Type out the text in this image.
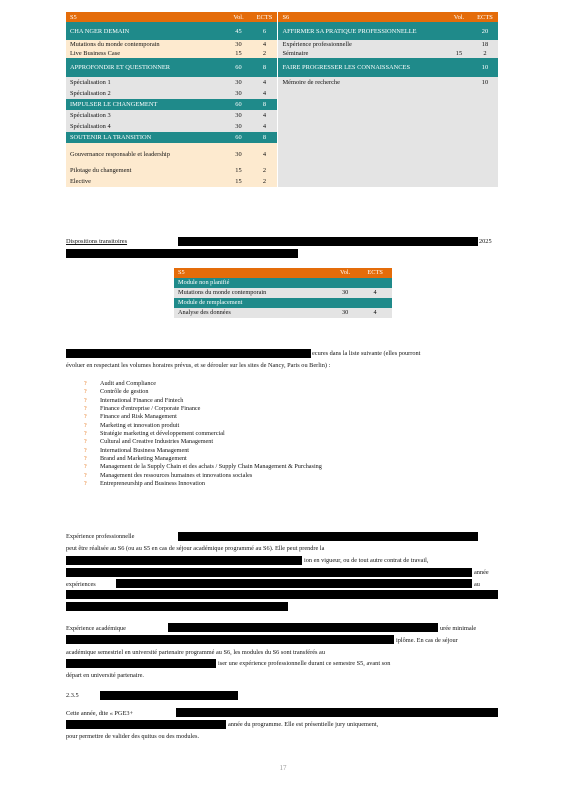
S5	Vol.	ECTS	S6	Vol.	ECTS
CHA NGER DEMAIN	45	6	AFFIRMER SA PRATIQUE PROFESSIONNELLE		20
Mutations du monde contemporain	30	4	Expérience professionnelle		18
Live Business Case	15	2	Séminaire	15	2
APPROFONDIR ET QUESTIONNER	60	8	FAIRE PROGRESSER LES CONNAISSANCES		10
Spécialisation 1	30	4	Mémoire de recherche		10
Spécialisation 2	30	4			
IMPULSER LE CHANGEMENT	60	8			
Spécialisation 3	30	4			
Spécialisation 4	30	4			
SOUTENIR LA TRANSITION	60	8			
Gouvernance responsable et leadership	30	4			
Pilotage du changement	15	2			
Elective	15	2			
Dispositions transitoires	2025
S5	Vol.	ECTS
Module non planifié		
Mutations du monde contemporain	30	4
Module de remplacement		
Analyse des données	30	4
ecures dans la liste suivante (elles pourront
évoluer en respectant les volumes horaires prévus, et se dérouler sur les sites de Nancy, Paris ou Berlin) :
?	Audit and Compliance
?	Contrôle de gestion
?	International Finance and Fintech
?	Finance d'entreprise / Corporate Finance
?	Finance and Risk Management
?	Marketing et innovation produit
?	Stratégie marketing et développement commercial
?	Cultural and Creative Industries Management
?	International Business Management
?	Brand and Marketing Management
?	Management de la Supply Chain et des achats / Supply Chain Management & Purchasing
?	Management des ressources humaines et innovations sociales
?	Entrepreneurship and Business Innovation
Expérience professionnelle
peut être réalisée au S6 (ou au S5 en cas de séjour académique programmé au S6). Elle peut prendre la
ion en vigueur, ou de tout autre contrat de travail,
année
expériences	au
Expérience académique	urée minimale
iplôme. En cas de séjour
académique semestriel en université partenaire programmé au S6, les modules du S6 sont transférés au
iser une expérience professionnelle durant ce semestre S5, avant son
départ en université partenaire.
2.3.5
Cette année, dite « PGE3+
année du programme. Elle est présentielle jury uniquement,
pour permettre de valider des quitus ou des modules.
17
